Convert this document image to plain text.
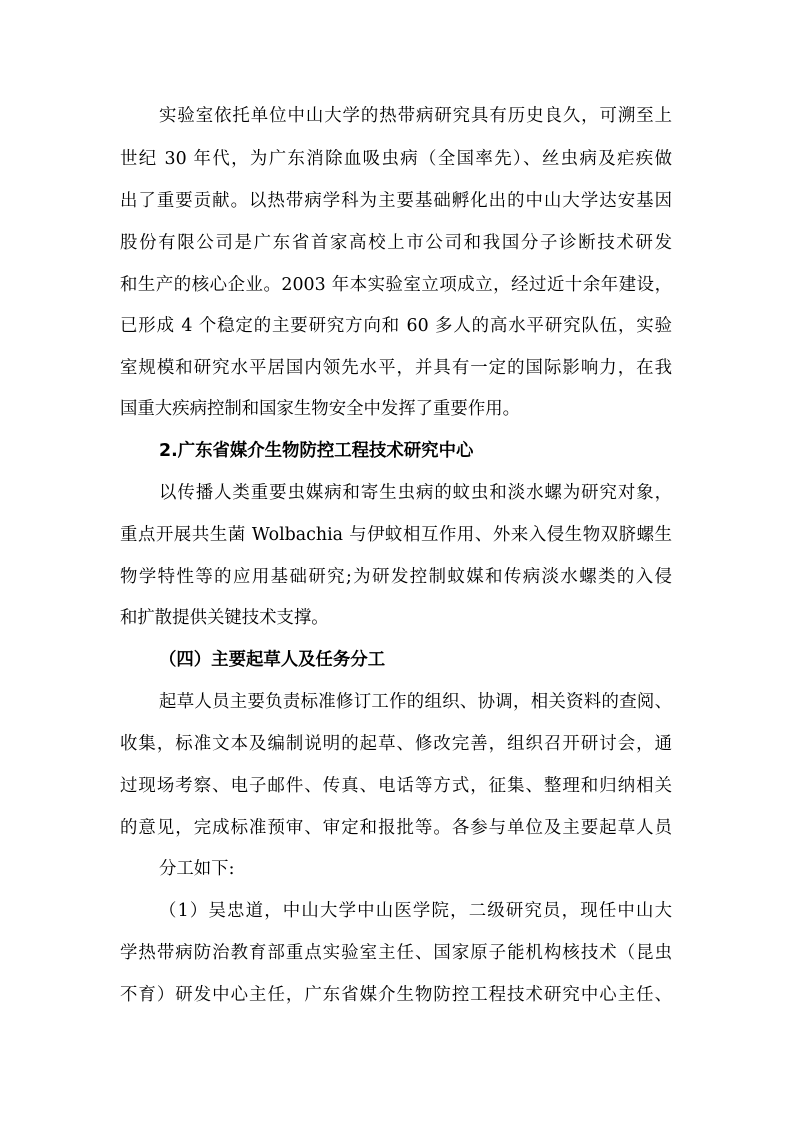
实验室依托单位中山大学的热带病研究具有历史良久，可溯至上
世纪 30 年代，为广东消除血吸虫病（全国率先）、丝虫病及疟疾做
出了重要贡献。以热带病学科为主要基础孵化出的中山大学达安基因
股份有限公司是广东省首家高校上市公司和我国分子诊断技术研发
和生产的核心企业。2003 年本实验室立项成立，经过近十余年建设，
已形成 4 个稳定的主要研究方向和 60 多人的高水平研究队伍，实验
室规模和研究水平居国内领先水平，并具有一定的国际影响力，在我
国重大疾病控制和国家生物安全中发挥了重要作用。
2.广东省媒介生物防控工程技术研究中心
以传播人类重要虫媒病和寄生虫病的蚊虫和淡水螺为研究对象，
重点开展共生菌 Wolbachia 与伊蚊相互作用、外来入侵生物双脐螺生
物学特性等的应用基础研究;为研发控制蚊媒和传病淡水螺类的入侵
和扩散提供关键技术支撑。
（四）主要起草人及任务分工
起草人员主要负责标准修订工作的组织、协调，相关资料的查阅、
收集，标准文本及编制说明的起草、修改完善，组织召开研讨会，通
过现场考察、电子邮件、传真、电话等方式，征集、整理和归纳相关
的意见，完成标准预审、审定和报批等。各参与单位及主要起草人员
分工如下:
（1）吴忠道，中山大学中山医学院，二级研究员，现任中山大
学热带病防治教育部重点实验室主任、国家原子能机构核技术（昆虫
不育）研发中心主任，广东省媒介生物防控工程技术研究中心主任、
